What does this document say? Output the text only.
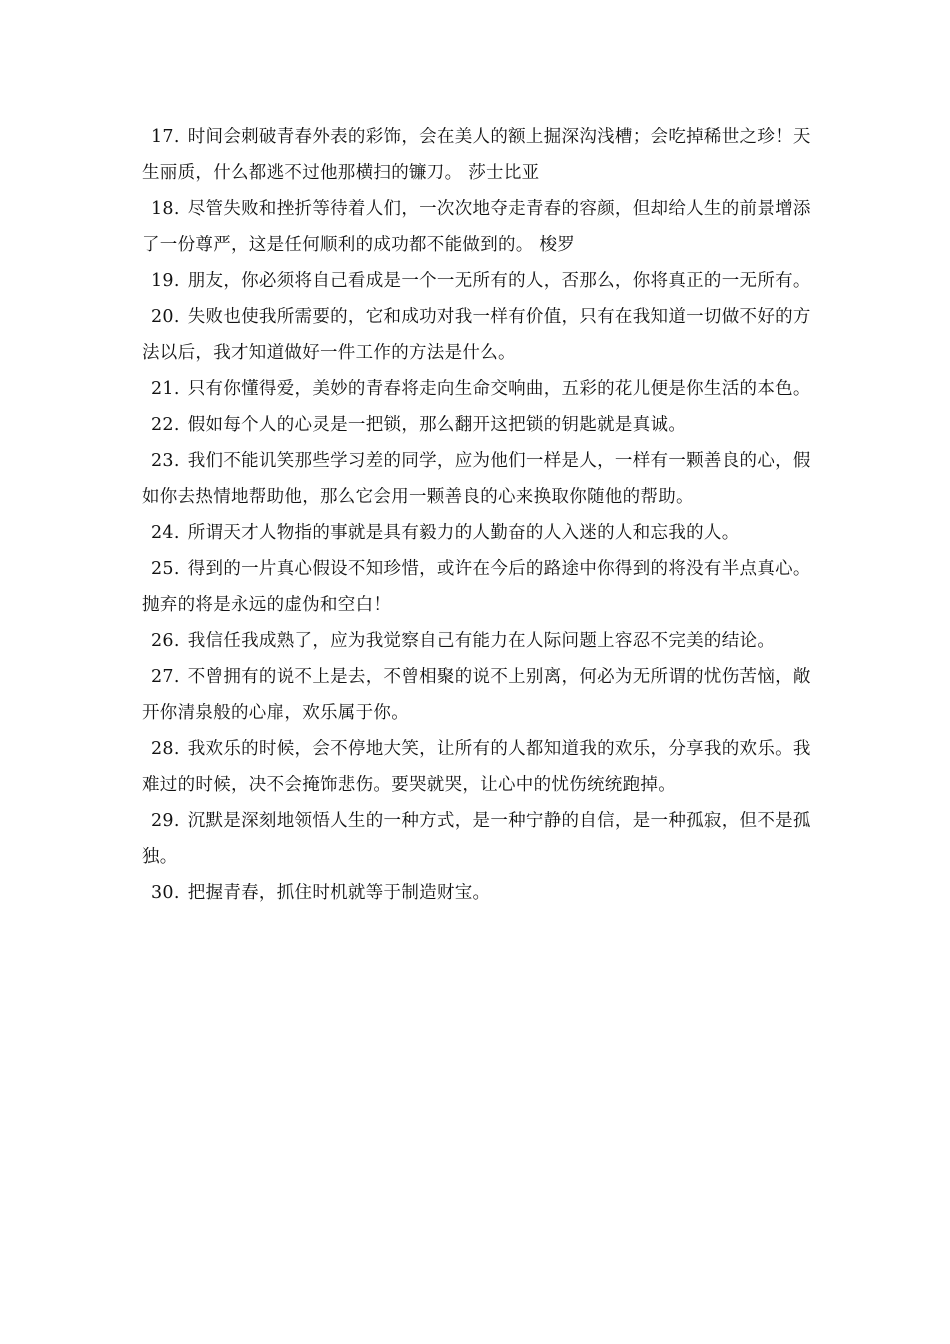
17. 时间会刺破青春外表的彩饰，会在美人的额上掘深沟浅槽；会吃掉稀世之珍！天生丽质，什么都逃不过他那横扫的镰刀。 莎士比亚

18. 尽管失败和挫折等待着人们，一次次地夺走青春的容颜，但却给人生的前景增添了一份尊严，这是任何顺利的成功都不能做到的。 梭罗

19. 朋友，你必须将自己看成是一个一无所有的人，否那么，你将真正的一无所有。

20. 失败也使我所需要的，它和成功对我一样有价值，只有在我知道一切做不好的方法以后，我才知道做好一件工作的方法是什么。

21. 只有你懂得爱，美妙的青春将走向生命交响曲，五彩的花儿便是你生活的本色。

22. 假如每个人的心灵是一把锁，那么翻开这把锁的钥匙就是真诚。

23. 我们不能讥笑那些学习差的同学，应为他们一样是人，一样有一颗善良的心，假如你去热情地帮助他，那么它会用一颗善良的心来换取你随他的帮助。

24. 所谓天才人物指的事就是具有毅力的人勤奋的人入迷的人和忘我的人。

25. 得到的一片真心假设不知珍惜，或许在今后的路途中你得到的将没有半点真心。抛弃的将是永远的虚伪和空白！

26. 我信任我成熟了，应为我觉察自己有能力在人际问题上容忍不完美的结论。

27. 不曾拥有的说不上是去，不曾相聚的说不上别离，何必为无所谓的忧伤苦恼，敞开你清泉般的心扉，欢乐属于你。

28. 我欢乐的时候，会不停地大笑，让所有的人都知道我的欢乐，分享我的欢乐。我难过的时候，决不会掩饰悲伤。要哭就哭，让心中的忧伤统统跑掉。

29. 沉默是深刻地领悟人生的一种方式，是一种宁静的自信，是一种孤寂，但不是孤独。

30. 把握青春，抓住时机就等于制造财宝。
